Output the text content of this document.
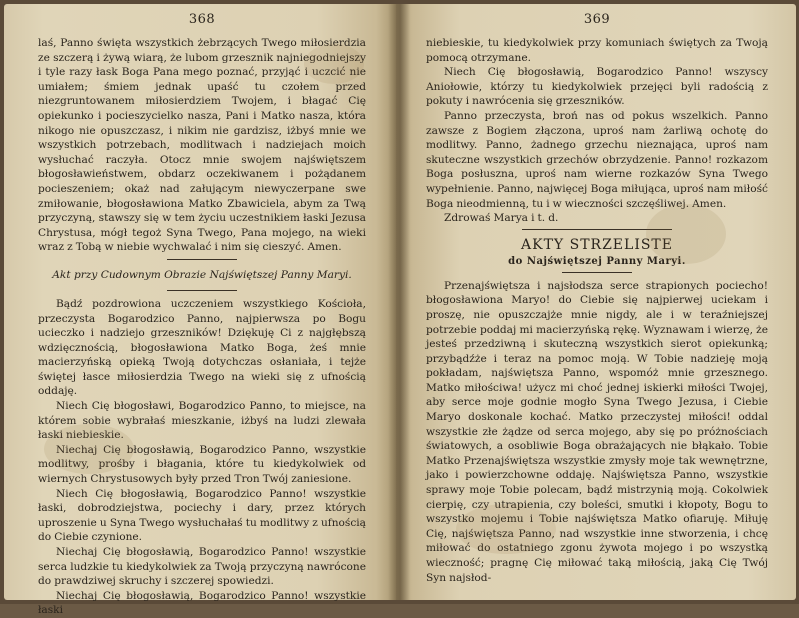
368

laś, Panno święta wszystkich żebrzących Twego miłosierdzia ze szczerą i żywą wiarą, że lubom grzesznik najniegodniejszy i tyle razy łask Boga Pana mego poznać, przyjąć i uczcić nie umiałem; śmiem jednak upaść tu czołem przed niezgruntowanem miłosierdziem Twojem, i błagać Cię opiekunko i pocieszycielko nasza, Pani i Matko nasza, która nikogo nie opuszczasz, i nikim nie gardzisz, iżbyś mnie we wszystkich potrzebach, modlitwach i nadziejach moich wysłuchać raczyła. Otocz mnie swojem najświętszem błogosławieństwem, obdarz oczekiwanem i pożądanem pocieszeniem; okaż nad załującym niewyczerpane swe zmiłowanie, błogosławiona Matko Zbawiciela, abym za Twą przyczyną, stawszy się w tem życiu uczestnikiem łaski Jezusa Chrystusa, mógł tegoż Syna Twego, Pana mojego, na wieki wraz z Tobą w niebie wychwalać i nim się cieszyć. Amen.

Akt przy Cudownym Obrazie Najświętszej Panny Maryi.

Bądź pozdrowiona uczczeniem wszystkiego Kościoła, przeczysta Bogarodzico Panno, najpierwsza po Bogu ucieczko i nadziejo grzeszników! Dziękuję Ci z najgłębszą wdzięcznością, błogosławiona Matko Boga, żeś mnie macierzyńską opieką Twoją dotychczas osłaniała, i tejże świętej łasce miłosierdzia Twego na wieki się z ufnością oddaję.

Niech Cię błogosławi, Bogarodzico Panno, to miejsce, na którem sobie wybrałaś mieszkanie, iżbyś na ludzi zlewała łaski niebieskie.

Niechaj Cię błogosławią, Bogarodzico Panno, wszystkie modlitwy, prośby i błagania, które tu kiedykolwiek od wiernych Chrystusowych były przed Tron Twój zaniesione.

Niech Cię błogosławią, Bogarodzico Panno! wszystkie łaski, dobrodziejstwa, pociechy i dary, przez których uproszenie u Syna Twego wysłuchałaś tu modlitwy z ufnością do Ciebie czynione.

Niechaj Cię błogosławią, Bogarodzico Panno! wszystkie serca ludzkie tu kiedykolwiek za Twoją przyczyną nawrócone do prawdziwej skruchy i szczerej spowiedzi.

Niechaj Cię błogosławią, Bogarodzico Panno! wszystkie łaski

369

niebieskie, tu kiedykolwiek przy komuniach świętych za Twoją pomocą otrzymane.

Niech Cię błogosławią, Bogarodzico Panno! wszyscy Aniołowie, którzy tu kiedykolwiek przejęci byli radością z pokuty i nawrócenia się grzeszników.

Panno przeczysta, broń nas od pokus wszelkich. Panno zawsze z Bogiem złączona, uproś nam żarliwą ochotę do modlitwy. Panno, żadnego grzechu nieznająca, uproś nam skuteczne wszystkich grzechów obrzydzenie. Panno! rozkazom Boga posłuszna, uproś nam wierne rozkazów Syna Twego wypełnienie. Panno, najwięcej Boga miłująca, uproś nam miłość Boga nieodmienną, tu i w wieczności szczęśliwej. Amen.

Zdrowaś Marya i t. d.

AKTY STRZELISTE
do Najświętszej Panny Maryi.

Przenajświętsza i najsłodsza serce strapionych pociecho! błogosławiona Maryo! do Ciebie się najpierwej uciekam i proszę, nie opuszczajże mnie nigdy, ale i w teraźniejszej potrzebie poddaj mi macierzyńską rękę. Wyznawam i wierzę, że jesteś przedziwną i skuteczną wszystkich sierot opiekunką; przybądźże i teraz na pomoc moją. W Tobie nadzieję moją pokładam, najświętsza Panno, wspomóż mnie grzesznego. Matko miłościwa! użycz mi choć jednej iskierki miłości Twojej, aby serce moje godnie mogło Syna Twego Jezusa, i Ciebie Maryo doskonale kochać. Matko przeczystej miłości! oddal wszystkie złe żądze od serca mojego, aby się po próżnościach światowych, a osobliwie Boga obrażających nie błąkało. Tobie Matko Przenajświętsza wszystkie zmysły moje tak wewnętrzne, jako i powierzchowne oddaję. Najświętsza Panno, wszystkie sprawy moje Tobie polecam, bądź mistrzynią moją. Cokolwiek cierpię, czy utrapienia, czy boleści, smutki i kłopoty, Bogu to wszystko mojemu i Tobie najświętsza Matko ofiaruję. Miłuję Cię, najświętsza Panno, nad wszystkie inne stworzenia, i chcę miłować do ostatniego zgonu żywota mojego i po wszystką wieczność; pragnę Cię miłować taką miłością, jaką Cię Twój Syn najsłod-
